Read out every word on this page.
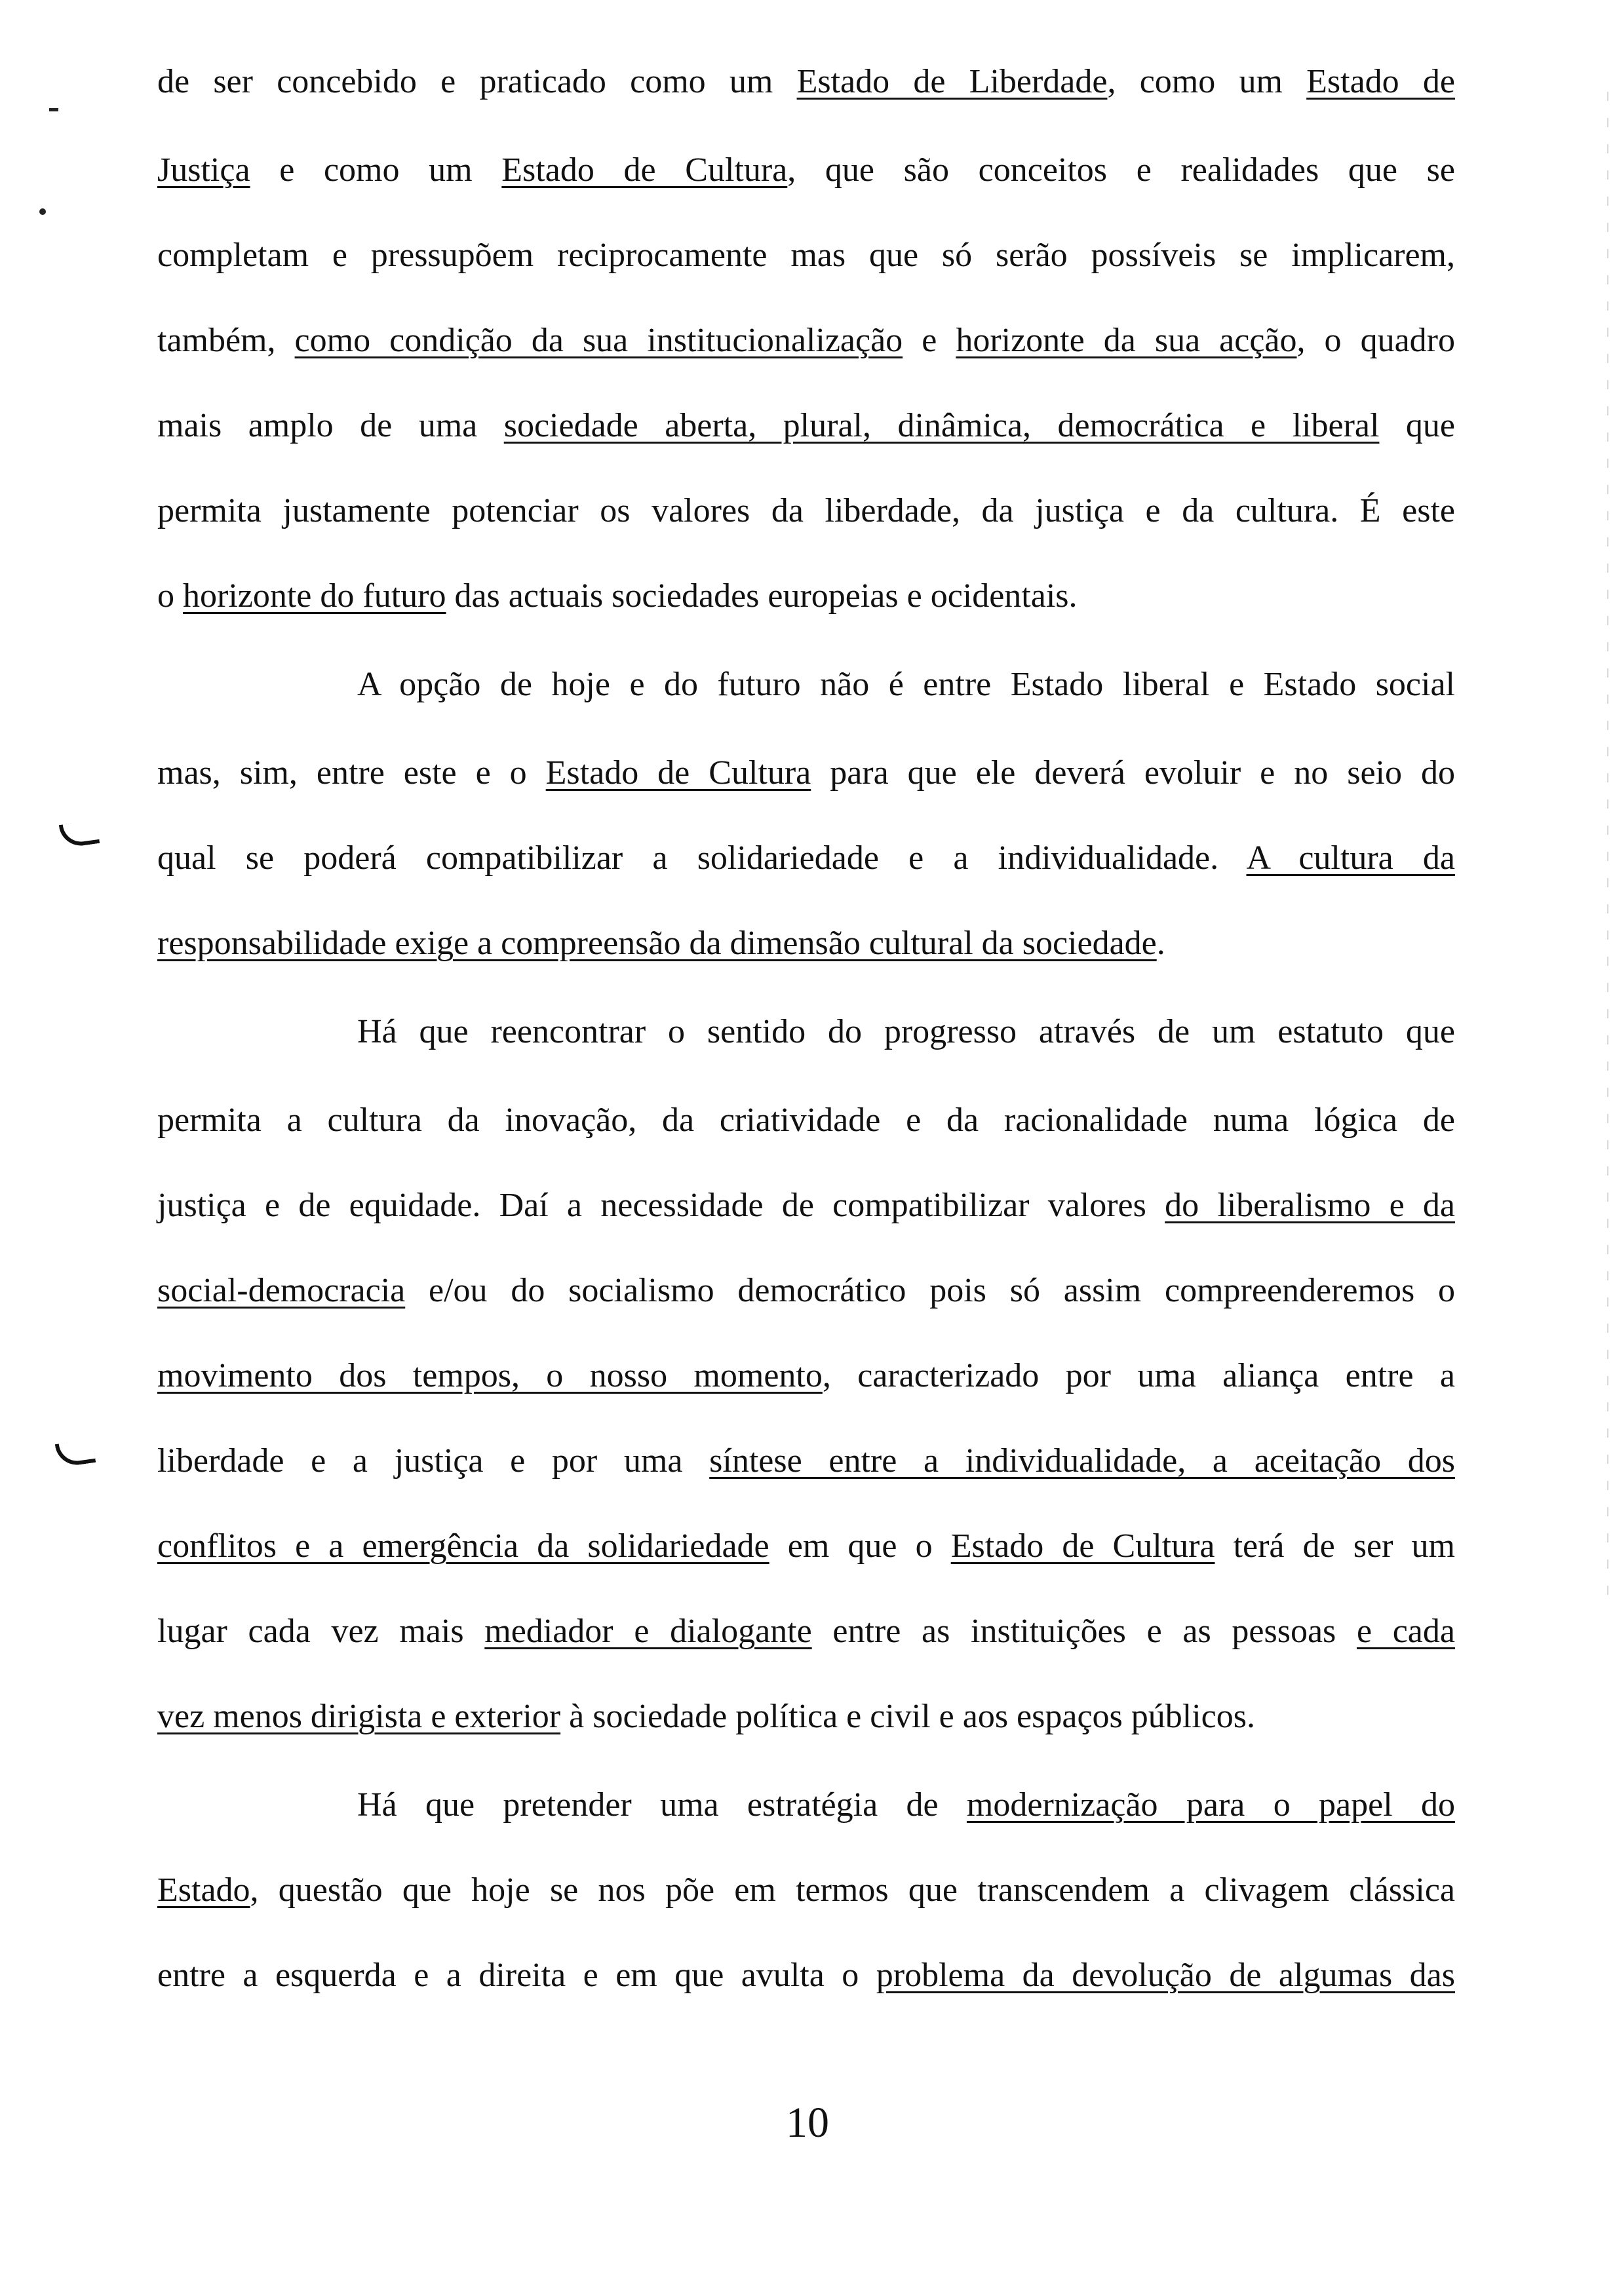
de ser concebido e praticado como um Estado de Liberdade, como um Estado de
Justiça e como um Estado de Cultura, que são conceitos e realidades que se
completam e pressupõem reciprocamente mas que só serão possíveis se implicarem,
também, como condição da sua institucionalização e horizonte da sua acção, o quadro
mais amplo de uma sociedade aberta, plural, dinâmica, democrática e liberal que
permita justamente potenciar os valores da liberdade, da justiça e da cultura. É este
o horizonte do futuro das actuais sociedades europeias e ocidentais.
A opção de hoje e do futuro não é entre Estado liberal e Estado social
mas, sim, entre este e o Estado de Cultura para que ele deverá evoluir e no seio do
qual se poderá compatibilizar a solidariedade e a individualidade. A cultura da
responsabilidade exige a compreensão da dimensão cultural da sociedade.
Há que reencontrar o sentido do progresso através de um estatuto que
permita a cultura da inovação, da criatividade e da racionalidade numa lógica de
justiça e de equidade. Daí a necessidade de compatibilizar valores do liberalismo e da
social-democracia e/ou do socialismo democrático pois só assim compreenderemos o
movimento dos tempos, o nosso momento, caracterizado por uma aliança entre a
liberdade e a justiça e por uma síntese entre a individualidade, a aceitação dos
conflitos e a emergência da solidariedade em que o Estado de Cultura terá de ser um
lugar cada vez mais mediador e dialogante entre as instituições e as pessoas e cada
vez menos dirigista e exterior à sociedade política e civil e aos espaços públicos.
Há que pretender uma estratégia de modernização para o papel do
Estado, questão que hoje se nos põe em termos que transcendem a clivagem clássica
entre a esquerda e a direita e em que avulta o problema da devolução de algumas das
10
